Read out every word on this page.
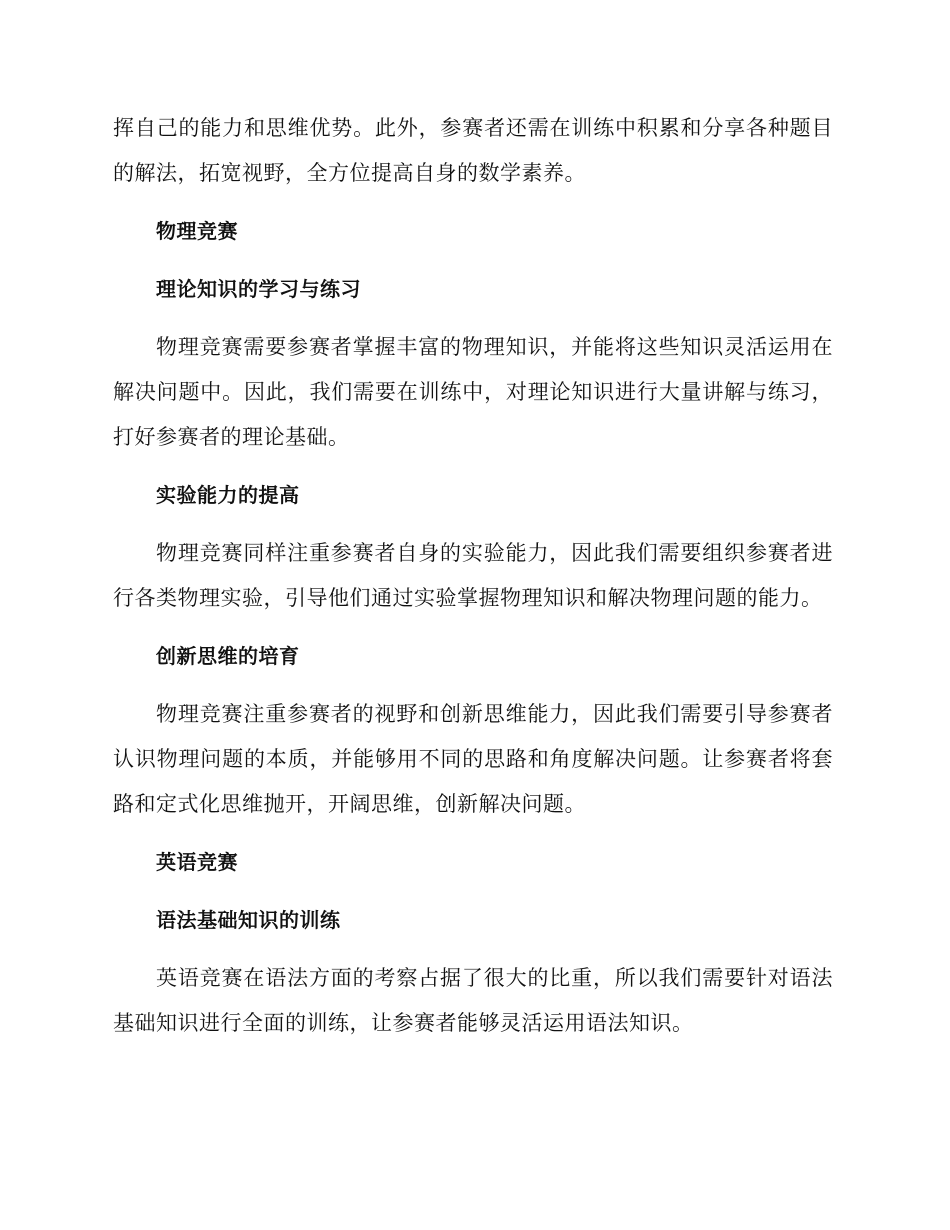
挥自己的能力和思维优势。此外，参赛者还需在训练中积累和分享各种题目的解法，拓宽视野，全方位提高自身的数学素养。

物理竞赛

理论知识的学习与练习

物理竞赛需要参赛者掌握丰富的物理知识，并能将这些知识灵活运用在解决问题中。因此，我们需要在训练中，对理论知识进行大量讲解与练习，打好参赛者的理论基础。

实验能力的提高

物理竞赛同样注重参赛者自身的实验能力，因此我们需要组织参赛者进行各类物理实验，引导他们通过实验掌握物理知识和解决物理问题的能力。

创新思维的培育

物理竞赛注重参赛者的视野和创新思维能力，因此我们需要引导参赛者认识物理问题的本质，并能够用不同的思路和角度解决问题。让参赛者将套路和定式化思维抛开，开阔思维，创新解决问题。

英语竞赛

语法基础知识的训练

英语竞赛在语法方面的考察占据了很大的比重，所以我们需要针对语法基础知识进行全面的训练，让参赛者能够灵活运用语法知识。
